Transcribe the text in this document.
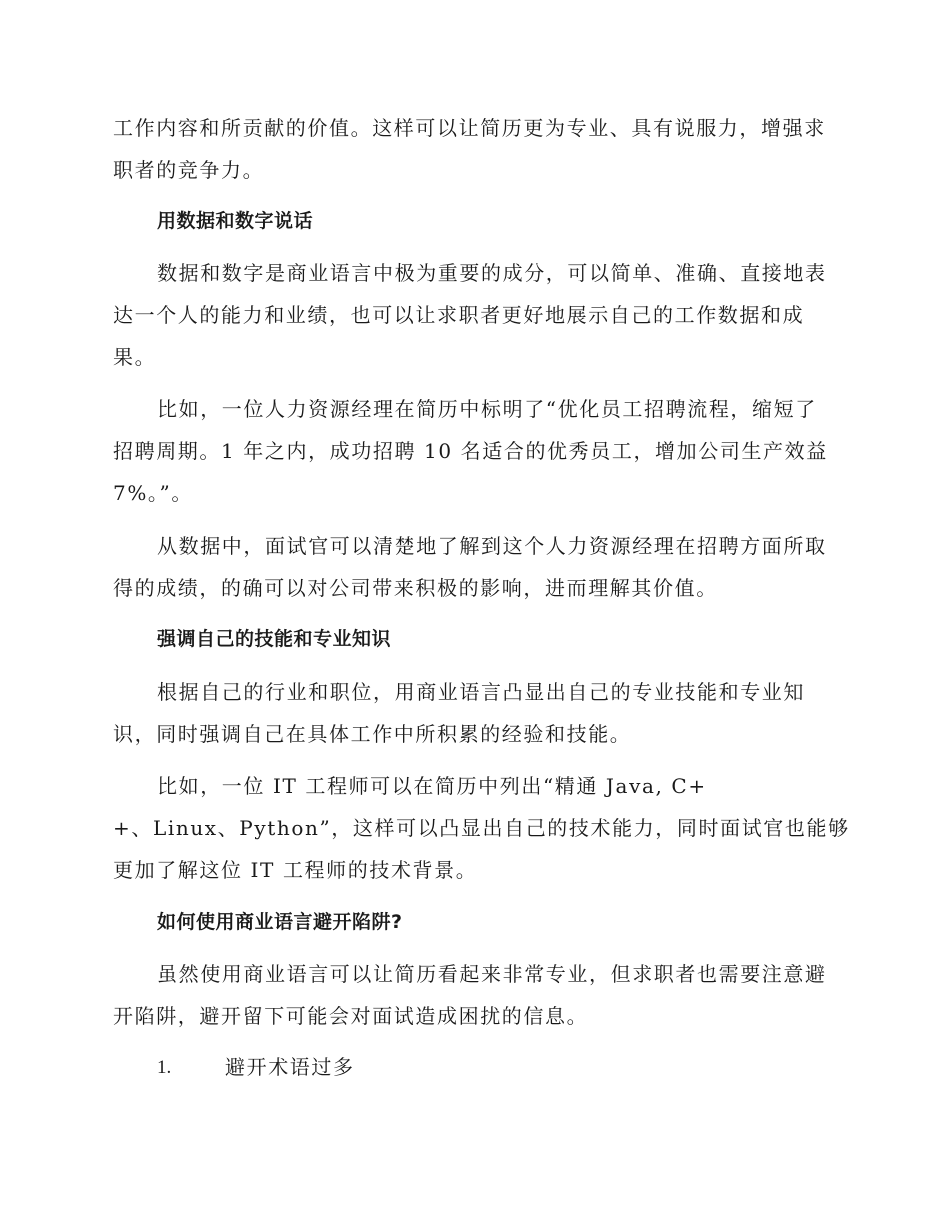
工作内容和所贡献的价值。这样可以让简历更为专业、具有说服力，增强求
职者的竞争力。
用数据和数字说话
数据和数字是商业语言中极为重要的成分，可以简单、准确、直接地表
达一个人的能力和业绩，也可以让求职者更好地展示自己的工作数据和成
果。
比如，一位人力资源经理在简历中标明了“优化员工招聘流程，缩短了
招聘周期。1 年之内，成功招聘 10 名适合的优秀员工，增加公司生产效益
7%。”。
从数据中，面试官可以清楚地了解到这个人力资源经理在招聘方面所取
得的成绩，的确可以对公司带来积极的影响，进而理解其价值。
强调自己的技能和专业知识
根据自己的行业和职位，用商业语言凸显出自己的专业技能和专业知
识，同时强调自己在具体工作中所积累的经验和技能。
比如，一位 IT 工程师可以在简历中列出“精通 Java, C+
+、Linux、Python”，这样可以凸显出自己的技术能力，同时面试官也能够
更加了解这位 IT 工程师的技术背景。
如何使用商业语言避开陷阱?
虽然使用商业语言可以让简历看起来非常专业，但求职者也需要注意避
开陷阱，避开留下可能会对面试造成困扰的信息。
1.	避开术语过多
